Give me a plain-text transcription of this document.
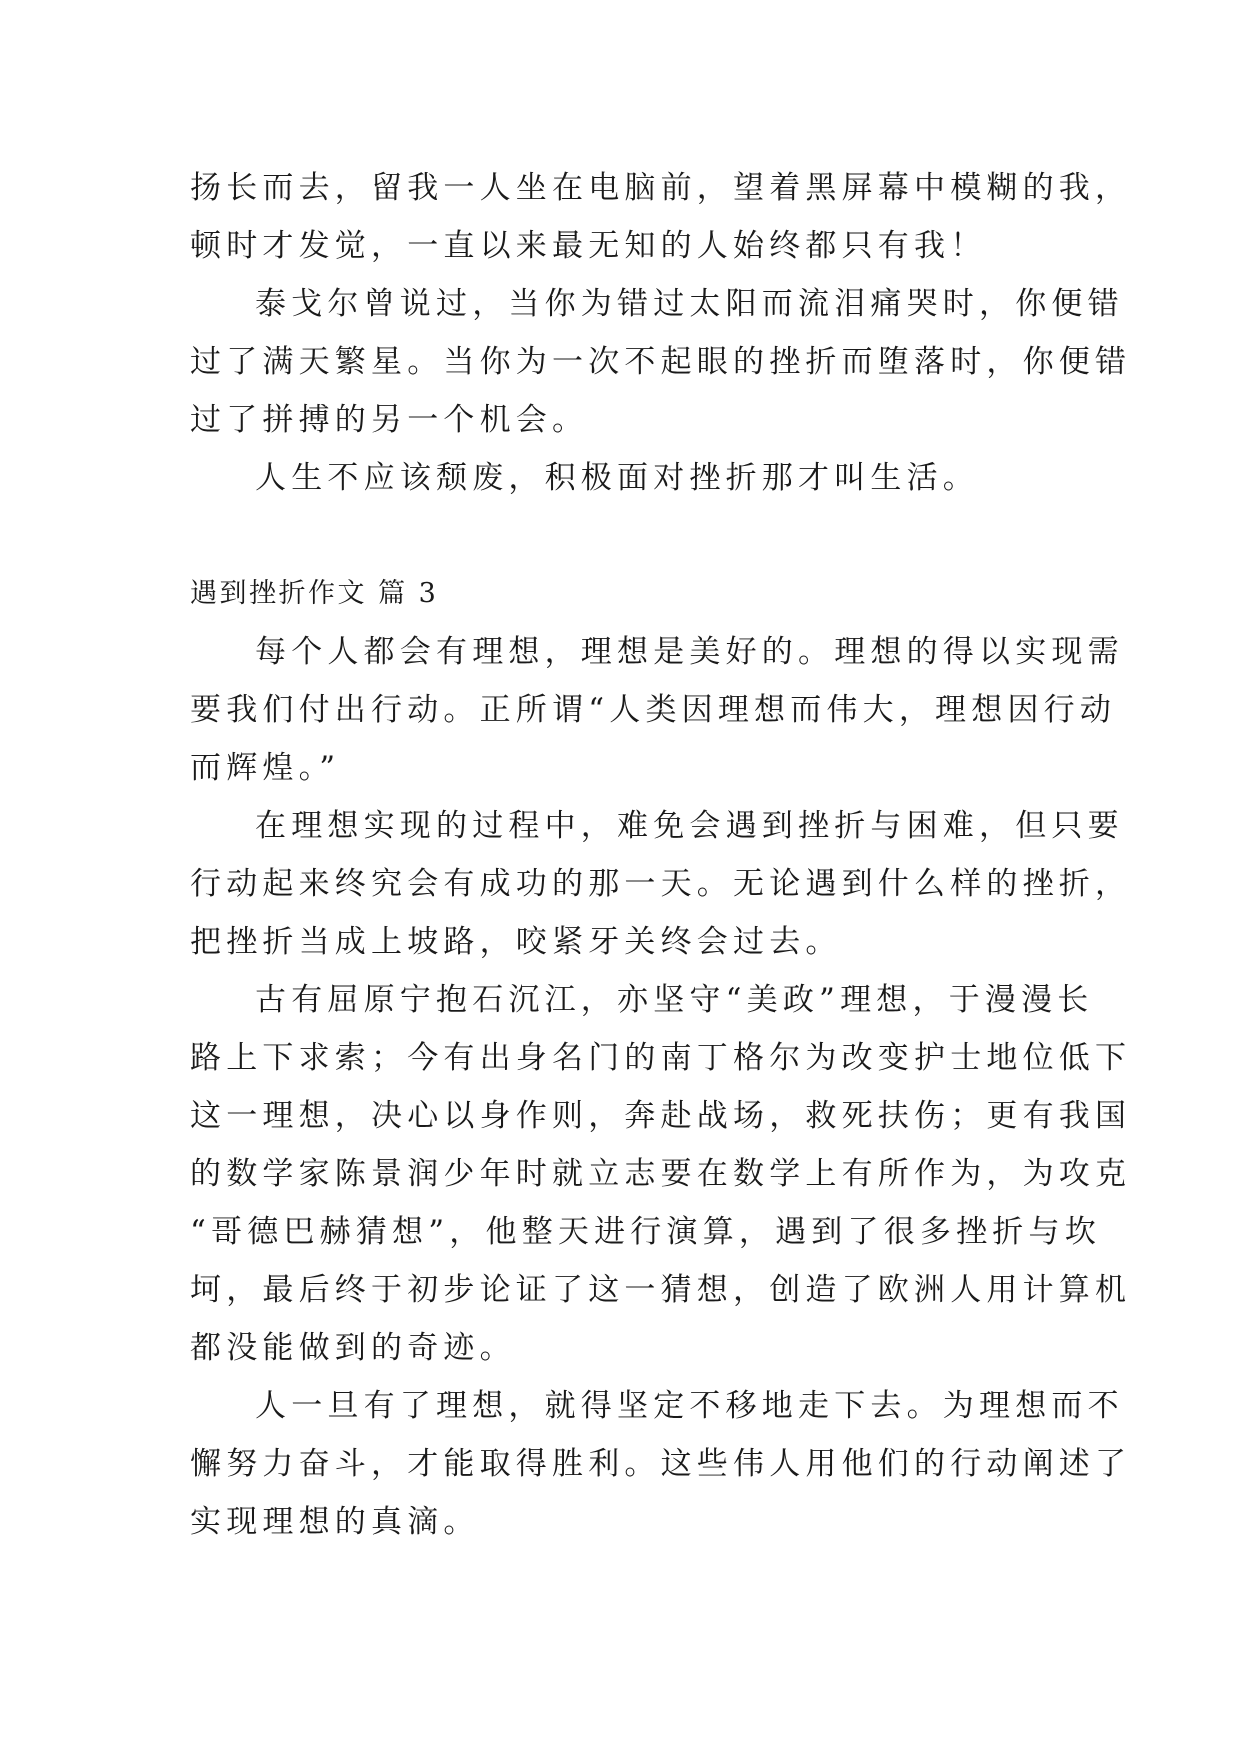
扬长而去，留我一人坐在电脑前，望着黑屏幕中模糊的我，
顿时才发觉，一直以来最无知的人始终都只有我！
泰戈尔曾说过，当你为错过太阳而流泪痛哭时，你便错
过了满天繁星。当你为一次不起眼的挫折而堕落时，你便错
过了拼搏的另一个机会。
人生不应该颓废，积极面对挫折那才叫生活。
遇到挫折作文 篇 3
每个人都会有理想，理想是美好的。理想的得以实现需
要我们付出行动。正所谓“人类因理想而伟大，理想因行动
而辉煌。”
在理想实现的过程中，难免会遇到挫折与困难，但只要
行动起来终究会有成功的那一天。无论遇到什么样的挫折，
把挫折当成上坡路，咬紧牙关终会过去。
古有屈原宁抱石沉江，亦坚守“美政”理想，于漫漫长
路上下求索；今有出身名门的南丁格尔为改变护士地位低下
这一理想，决心以身作则，奔赴战场，救死扶伤；更有我国
的数学家陈景润少年时就立志要在数学上有所作为，为攻克
“哥德巴赫猜想”，他整天进行演算，遇到了很多挫折与坎
坷，最后终于初步论证了这一猜想，创造了欧洲人用计算机
都没能做到的奇迹。
人一旦有了理想，就得坚定不移地走下去。为理想而不
懈努力奋斗，才能取得胜利。这些伟人用他们的行动阐述了
实现理想的真滴。
